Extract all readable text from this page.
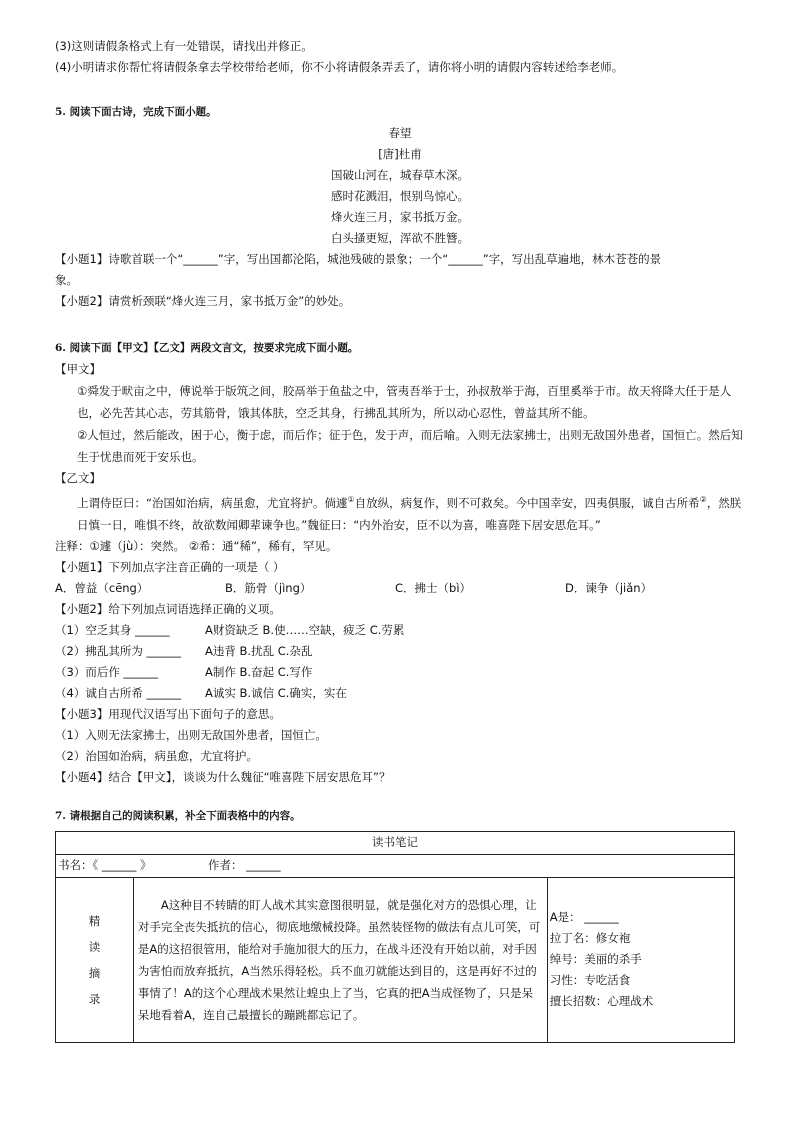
(3)这则请假条格式上有一处错误，请找出并修正。
(4)小明请求你帮忙将请假条拿去学校带给老师，你不小将请假条弄丢了，请你将小明的请假内容转述给李老师。
5. 阅读下面古诗，完成下面小题。
春望
[唐]杜甫
国破山河在，城春草木深。
感时花溅泪，恨别鸟惊心。
烽火连三月，家书抵万金。
白头搔更短，浑欲不胜簪。
【小题1】诗歌首联一个“______”字，写出国都沦陷，城池残破的景象；一个“______”字，写出乱草遍地，林木苍苍的景
象。
【小题2】请赏析颈联“烽火连三月，家书抵万金”的妙处。
6. 阅读下面【甲文】【乙文】两段文言文，按要求完成下面小题。
【甲文】
①舜发于畎亩之中，傅说举于版筑之间，胶鬲举于鱼盐之中，管夷吾举于士，孙叔敖举于海，百里奚举于市。故天将降大任于是人也，必先苦其心志，劳其筋骨，饿其体肤，空乏其身，行拂乱其所为，所以动心忍性，曾益其所不能。
②人恒过，然后能改，困于心，衡于虑，而后作；征于色，发于声，而后喻。入则无法家拂士，出则无敌国外患者，国恒亡。然后知生于忧患而死于安乐也。
【乙文】
上谓侍臣曰：“治国如治病，病虽愈，尤宜将护。倘遽①自放纵，病复作，则不可救矣。今中国幸安，四夷俱服，诚自古所希②，然朕日慎一日，唯惧不终，故欲数闻卿辈谏争也。”魏征曰：“内外治安，臣不以为喜，唯喜陛下居安思危耳。”
注释：①遽（jù）：突然。 ②希：通“稀”，稀有，罕见。
【小题1】下列加点字注音正确的一项是（ ）
A．曾益（cēng）	B．筋骨（jìng）	C．拂士（bì）	D．谏争（jiǎn）
【小题2】给下列加点词语选择正确的义项。
（1）空乏其身 ______	A财资缺乏 B.使……空缺，疲乏 C.劳累
（2）拂乱其所为 ______ A违背 B.扰乱 C.杂乱
（3）而后作 ______	A制作 B.奋起 C.写作
（4）诚自古所希 ______ A诚实 B.诚信 C.确实，实在
【小题3】用现代汉语写出下面句子的意思。
（1）入则无法家拂士，出则无敌国外患者，国恒亡。
（2）治国如治病，病虽愈，尤宜将护。
【小题4】结合【甲文】，谈谈为什么魏征“唯喜陛下居安思危耳”？
7. 请根据自己的阅读积累，补全下面表格中的内容。
读书笔记
书名：《 ______ 》	作者： ______

精
读
摘
录

A这种目不转睛的盯人战术其实意图很明显，就是强化对方的恐惧心理，让对手完全丧失抵抗的信心，彻底地缴械投降。虽然装怪物的做法有点儿可笑，可是A的这招很管用，能给对手施加很大的压力，在战斗还没有开始以前，对手因为害怕而放弃抵抗，A当然乐得轻松。兵不血刃就能达到目的，这是再好不过的事情了！A的这个心理战术果然让蝗虫上了当，它真的把A当成怪物了，只是呆呆地看着A，连自己最擅长的蹦跳都忘记了。

A是： ______
拉丁名：修女袍
绰号：美丽的杀手
习性：专吃活食
擅长招数：心理战术
